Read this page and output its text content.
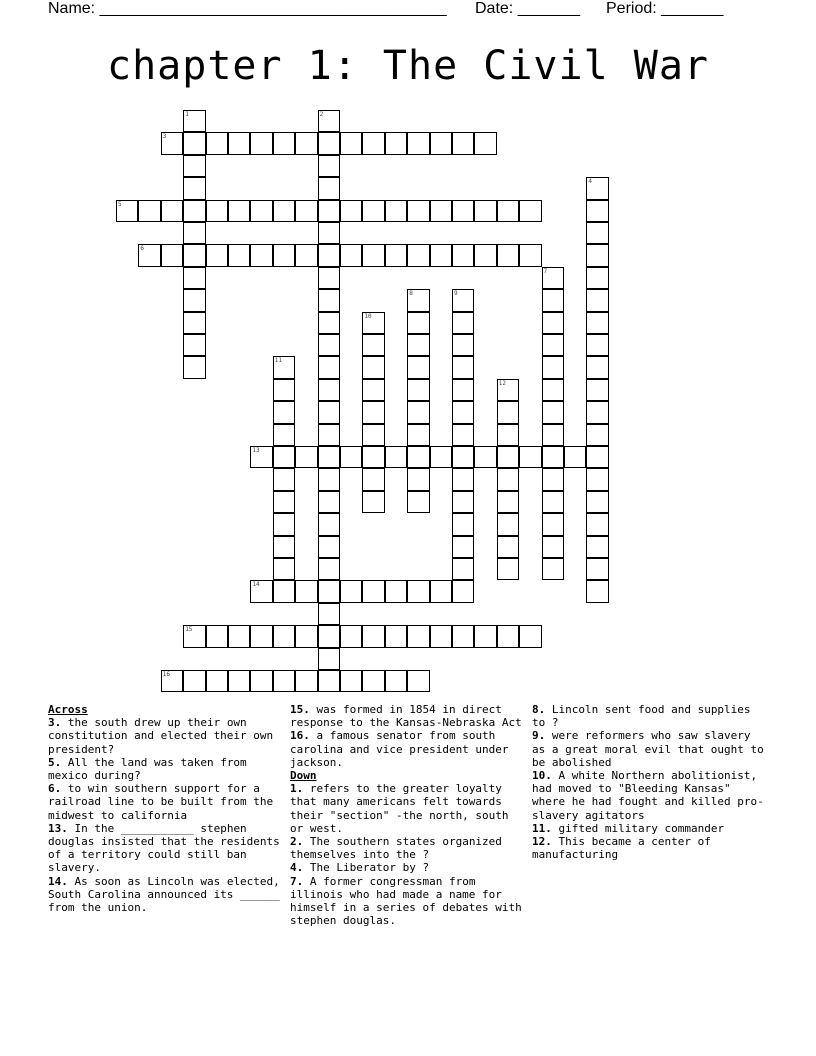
Name: _______________________________________ Date: _______ Period: _______
chapter 1: The Civil War
1	2
3
4
5
6
7
8	9
10
11
12
13
14
15
16
Across
3. the south drew up their own constitution and elected their own president?
5. All the land was taken from mexico during?
6. to win southern support for a railroad line to be built from the midwest to california
13. In the ___________ stephen douglas insisted that the residents of a territory could still ban slavery.
14. As soon as Lincoln was elected, South Carolina announced its ______ from the union.
15. was formed in 1854 in direct response to the Kansas-Nebraska Act
16. a famous senator from south carolina and vice president under jackson.
Down
1. refers to the greater loyalty that many americans felt towards their "section" -the north, south or west.
2. The southern states organized themselves into the ?
4. The Liberator by ?
7. A former congressman from illinois who had made a name for himself in a series of debates with stephen douglas.
8. Lincoln sent food and supplies to ?
9. were reformers who saw slavery as a great moral evil that ought to be abolished
10. A white Northern abolitionist, had moved to "Bleeding Kansas" where he had fought and killed pro-slavery agitators
11. gifted military commander
12. This became a center of manufacturing
